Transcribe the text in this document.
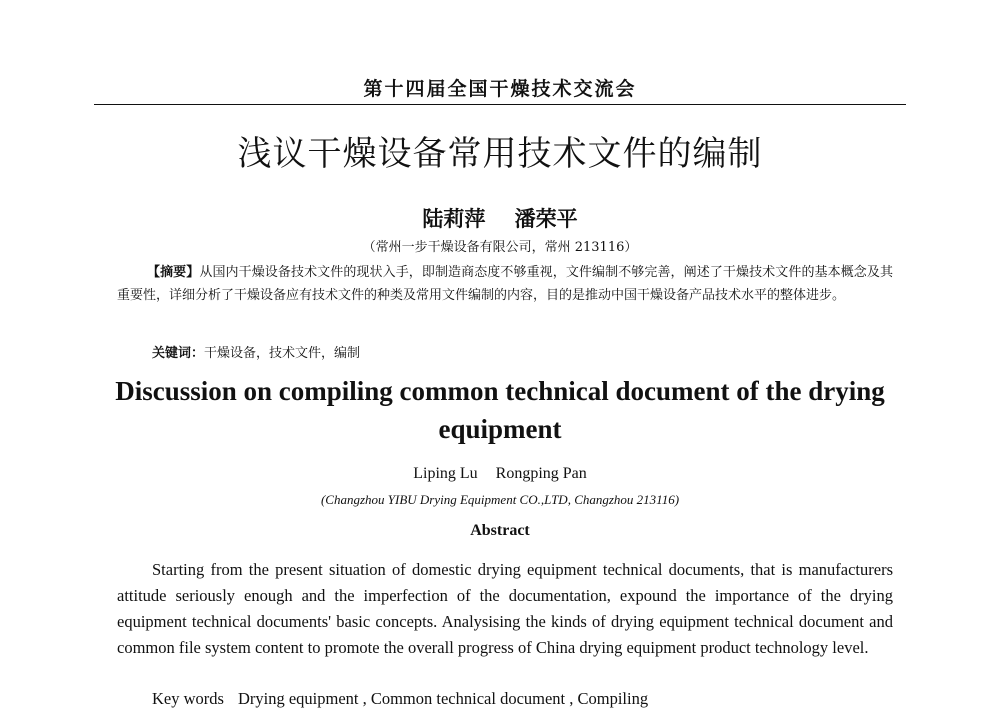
第十四届全国干燥技术交流会
浅议干燥设备常用技术文件的编制
陆莉萍 潘荣平
（常州一步干燥设备有限公司，常州 213116）
【摘要】从国内干燥设备技术文件的现状入手，即制造商态度不够重视，文件编制不够完善，阐述了干燥技术文件的基本概念及其重要性，详细分析了干燥设备应有技术文件的种类及常用文件编制的内容，目的是推动中国干燥设备产品技术水平的整体进步。
关键词：干燥设备，技术文件，编制
Discussion on compiling common technical document of the drying equipment
Liping Lu Rongping Pan
(Changzhou YIBU Drying Equipment CO.,LTD, Changzhou 213116)
Abstract
Starting from the present situation of domestic drying equipment technical documents, that is manufacturers attitude seriously enough and the imperfection of the documentation, expound the importance of the drying equipment technical documents' basic concepts. Analysising the kinds of drying equipment technical document and common file system content to promote the overall progress of China drying equipment product technology level.
Key words Drying equipment , Common technical document , Compiling
